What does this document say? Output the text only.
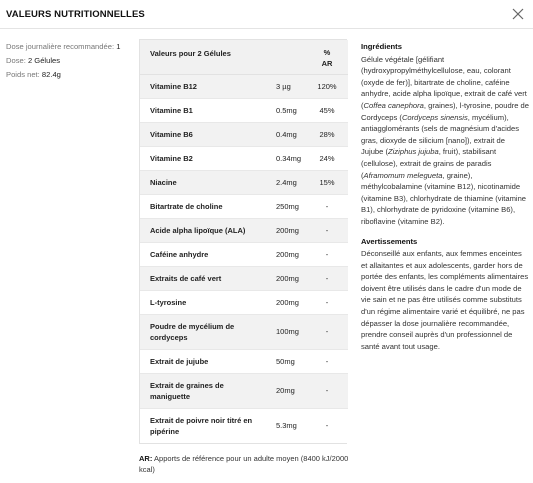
VALEURS NUTRITIONNELLES
Dose journalière recommandée: 1
Dose: 2 Gélules
Poids net: 82.4g
Valeurs pour 2 Gélules		%
AR

Vitamine B12	3 µg	120%
Vitamine B1	0.5mg	45%
Vitamine B6	0.4mg	28%
Vitamine B2	0.34mg	24%
Niacine	2.4mg	15%
Bitartrate de choline	250mg	-
Acide alpha lipoïque (ALA)	200mg	-
Caféine anhydre	200mg	-
Extraits de café vert	200mg	-
L-tyrosine	200mg	-
Poudre de mycélium de cordyceps	100mg	-
Extrait de jujube	50mg	-
Extrait de graines de maniguette	20mg	-
Extrait de poivre noir titré en pipérine	5.3mg	-
AR: Apports de référence pour un adulte moyen (8400 kJ/2000 kcal)
Ingrédients
Gélule végétale [gélifiant (hydroxypropylméthylcellulose, eau, colorant (oxyde de fer)], bitartrate de choline, caféine anhydre, acide alpha lipoïque, extrait de café vert (Coffea canephora, graines), l-tyrosine, poudre de Cordyceps (Cordyceps sinensis, mycélium), antiagglomérants (sels de magnésium d'acides gras, dioxyde de silicium [nano]), extrait de Jujube (Ziziphus jujuba, fruit), stabilisant (cellulose), extrait de grains de paradis (Aframomum melegueta, graine), méthylcobalamine (vitamine B12), nicotinamide (vitamine B3), chlorhydrate de thiamine (vitamine B1), chlorhydrate de pyridoxine (vitamine B6), riboflavine (vitamine B2).
Avertissements
Déconseillé aux enfants, aux femmes enceintes et allaitantes et aux adolescents, garder hors de portée des enfants, les compléments alimentaires doivent être utilisés dans le cadre d'un mode de vie sain et ne pas être utilisés comme substituts d'un régime alimentaire varié et équilibré, ne pas dépasser la dose journalière recommandée, prendre conseil auprès d'un professionnel de santé avant tout usage.
